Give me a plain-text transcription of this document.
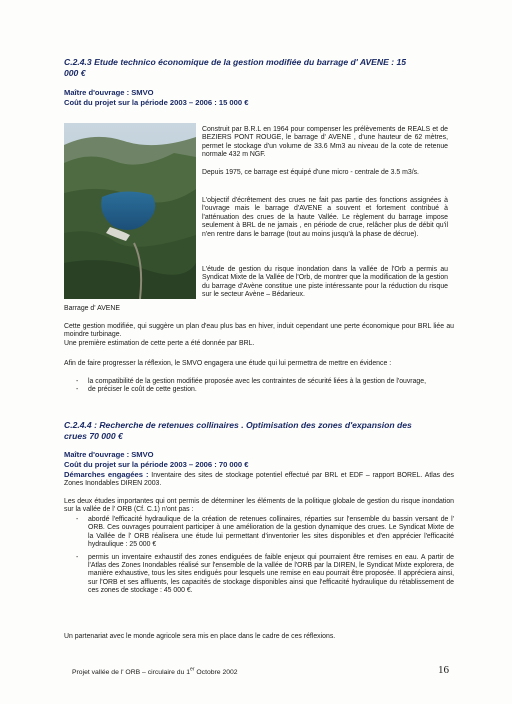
C.2.4.3 Etude technico économique de la gestion modifiée du barrage d' AVENE : 15
000 €
Maître d'ouvrage : SMVO
Coût du projet sur la période 2003 – 2006 : 15 000 €
Barrage d' AVENE
Construit par B.R.L en 1964 pour compenser les prélèvements de REALS et de BEZIERS PONT ROUGE, le barrage d' AVENE , d'une hauteur de 62 mètres, permet le stockage d'un volume de 33.6 Mm3 au niveau de la cote de retenue normale 432 m NGF.
Depuis 1975, ce barrage est équipé d'une micro - centrale de 3.5 m3/s.
L'objectif d'écrêtement des crues ne fait pas partie des fonctions assignées à l'ouvrage mais le barrage d'AVENE a souvent et fortement contribué à l'atténuation des crues de la haute Vallée. Le règlement du barrage impose seulement à BRL de ne jamais , en période de crue, relâcher plus de débit qu'il n'en rentre dans le barrage (tout au moins jusqu'à la phase de décrue).
L'étude de gestion du risque inondation dans la vallée de l'Orb a permis au Syndicat Mixte de la Vallée de l'Orb, de montrer que la modification de la gestion du barrage d'Avène constitue une piste intéressante pour la réduction du risque sur le secteur Avène – Bédarieux.
Cette gestion modifiée, qui suggère un plan d'eau plus bas en hiver, induit cependant une perte économique pour BRL liée au moindre turbinage.
Une première estimation de cette perte a été donnée par BRL.
Afin de faire progresser la réflexion, le SMVO engagera une étude qui lui permettra de mettre en évidence :
- la compatibilité de la gestion modifiée proposée avec les contraintes de sécurité liées à la gestion de l'ouvrage,
- de préciser le coût de cette gestion.
C.2.4.4 : Recherche de retenues collinaires . Optimisation des zones d'expansion des
crues 70 000 €
Maître d'ouvrage : SMVO
Coût du projet sur la période 2003 – 2006 : 70 000 €
Démarches engagées : Inventaire des sites de stockage potentiel effectué par BRL et EDF – rapport BOREL. Atlas des Zones Inondables DIREN 2003.
Les deux études importantes qui ont permis de déterminer les éléments de la politique globale de gestion du risque inondation sur la vallée de l' ORB (Cf. C.1) n'ont pas :
- abordé l'efficacité hydraulique de la création de retenues collinaires, réparties sur l'ensemble du bassin versant de l' ORB. Ces ouvrages pourraient participer à une amélioration de la gestion dynamique des crues. Le Syndicat Mixte de la Vallée de l' ORB réalisera une étude lui permettant d'inventorier les sites disponibles et d'en apprécier l'efficacité hydraulique : 25 000 €
- permis un inventaire exhaustif des zones endiguées de faible enjeux qui pourraient être remises en eau. A partir de l'Atlas des Zones Inondables réalisé sur l'ensemble de la vallée de l'ORB par la DIREN, le Syndicat Mixte explorera, de manière exhaustive, tous les sites endigués pour lesquels une remise en eau pourrait être proposée. Il appréciera ainsi, sur l'ORB et ses affluents, les capacités de stockage disponibles ainsi que l'efficacité hydraulique du rétablissement de ces zones de stockage : 45 000 €.
Un partenariat avec le monde agricole sera mis en place dans le cadre de ces réflexions.
Projet vallée de l' ORB – circulaire du 1er Octobre 2002	16
